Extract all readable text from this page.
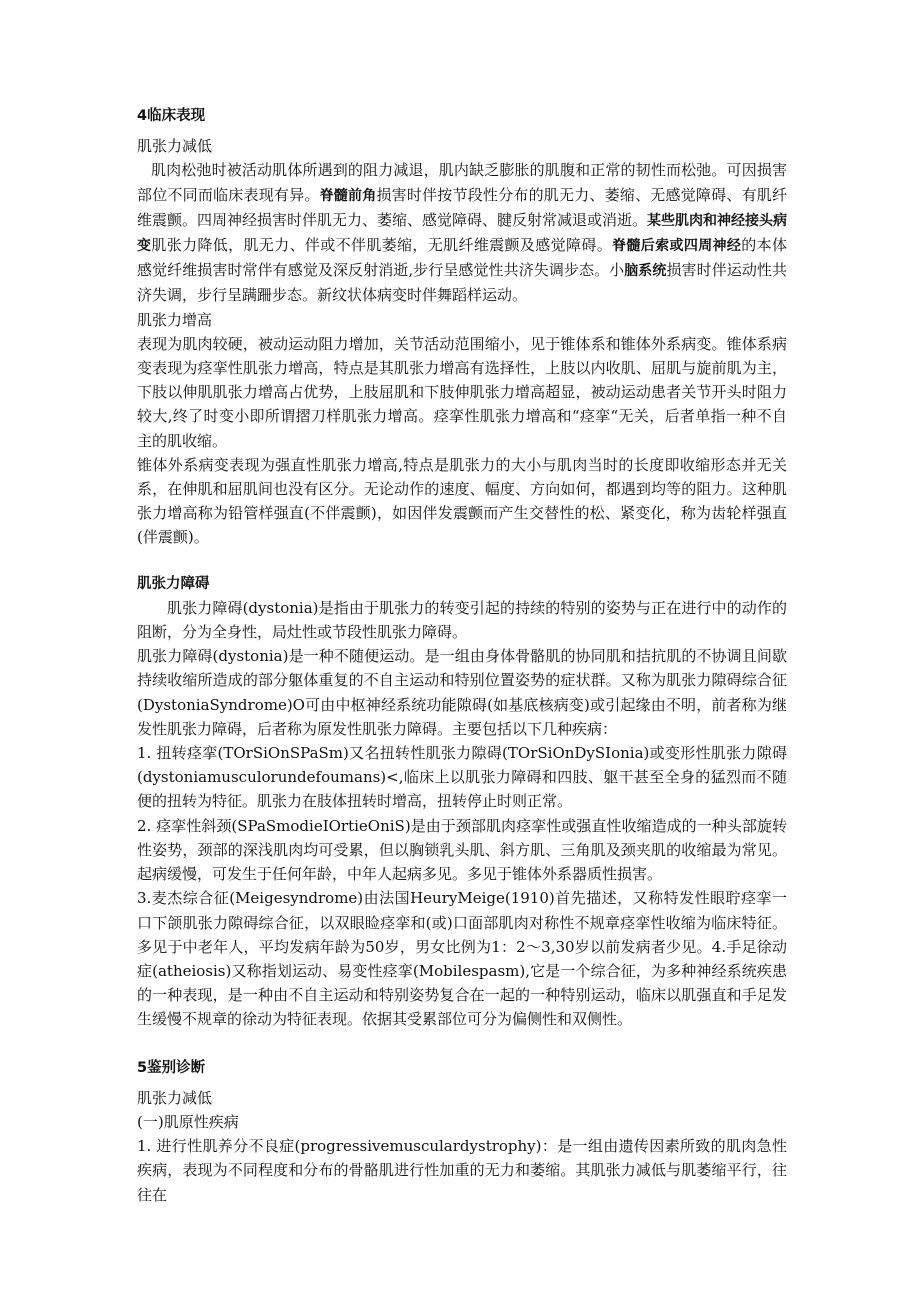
4临床表现
肌张力减低

肌肉松弛时被活动肌体所遇到的阻力减退，肌内缺乏膨胀的肌腹和正常的韧性而松弛。可因损害部位不同而临床表现有异。脊髓前角损害时伴按节段性分布的肌无力、萎缩、无感觉障碍、有肌纤维震颤。四周神经损害时伴肌无力、萎缩、感觉障碍、腱反射常减退或消逝。某些肌肉和神经接头病变肌张力降低，肌无力、伴或不伴肌萎缩，无肌纤维震颤及感觉障碍。脊髓后索或四周神经的本体感觉纤维损害时常伴有感觉及深反射消逝,步行呈感觉性共济失调步态。小脑系统损害时伴运动性共济失调，步行呈蹒跚步态。新纹状体病变时伴舞蹈样运动。

肌张力增高

表现为肌肉较硬，被动运动阻力增加，关节活动范围缩小，见于锥体系和锥体外系病变。锥体系病变表现为痉挛性肌张力增高，特点是其肌张力增高有选择性，上肢以内收肌、屈肌与旋前肌为主，下肢以伸肌肌张力增高占优势，上肢屈肌和下肢伸肌张力增高超显，被动运动患者关节开头时阻力较大,终了时变小即所谓摺刀样肌张力增高。痉挛性肌张力增高和“痉挛“无关，后者单指一种不自主的肌收缩。

锥体外系病变表现为强直性肌张力增高,特点是肌张力的大小与肌肉当时的长度即收缩形态并无关系，在伸肌和屈肌间也没有区分。无论动作的速度、幅度、方向如何，都遇到均等的阻力。这种肌张力增高称为铅管样强直(不伴震颤)，如因伴发震颤而产生交替性的松、紧变化，称为齿轮样强直(伴震颤)。

肌张力障碍

肌张力障碍(dystonia)是指由于肌张力的转变引起的持续的特别的姿势与正在进行中的动作的阻断，分为全身性，局灶性或节段性肌张力障碍。

肌张力障碍(dystonia)是一种不随便运动。是一组由身体骨骼肌的协同肌和拮抗肌的不协调且间歇持续收缩所造成的部分躯体重复的不自主运动和特别位置姿势的症状群。又称为肌张力隙碍综合征(DystoniaSyndrome)O可由中枢神经系统功能隙碍(如基底核病变)或引起缘由不明，前者称为继发性肌张力障碍，后者称为原发性肌张力障碍。主要包括以下几种疾病：

1. 扭转痉挛(TOrSiOnSPaSm)又名扭转性肌张力隙碍(TOrSiOnDySIonia)或变形性肌张力隙碍(dystoniamusculorundefoumans)<,临床上以肌张力障碍和四肢、躯干甚至全身的猛烈而不随便的扭转为特征。肌张力在肢体扭转时增高，扭转停止时则正常。

2. 痉挛性斜颈(SPaSmodieIOrtieOniS)是由于颈部肌肉痉挛性或强直性收缩造成的一种头部旋转性姿势，颈部的深浅肌肉均可受累，但以胸锁乳头肌、斜方肌、三角肌及颈夹肌的收缩最为常见。起病缓慢，可发生于任何年龄，中年人起病多见。多见于锥体外系器质性损害。

3.麦杰综合征(Meigesyndrome)由法国HeuryMeige(1910)首先描述，又称特发性眼聍痉挛一口下颌肌张力隙碍综合征，以双眼睑痉挛和(或)口面部肌肉对称性不规章痉挛性收缩为临床特征。多见于中老年人，平均发病年龄为50岁，男女比例为1：2～3,30岁以前发病者少见。4.手足徐动症(atheiosis)又称指划运动、易变性痉挛(Mobilespasm),它是一个综合征，为多种神经系统疾患的一种表现，是一种由不自主运动和特别姿势复合在一起的一种特别运动，临床以肌强直和手足发生缓慢不规章的徐动为特征表现。依据其受累部位可分为偏侧性和双侧性。

5鉴别诊断
肌张力减低
(一)肌原性疾病

1. 进行性肌养分不良症(progressivemusculardystrophy)：是一组由遗传因素所致的肌肉急性疾病，表现为不同程度和分布的骨骼肌进行性加重的无力和萎缩。其肌张力减低与肌萎缩平行，往往在
